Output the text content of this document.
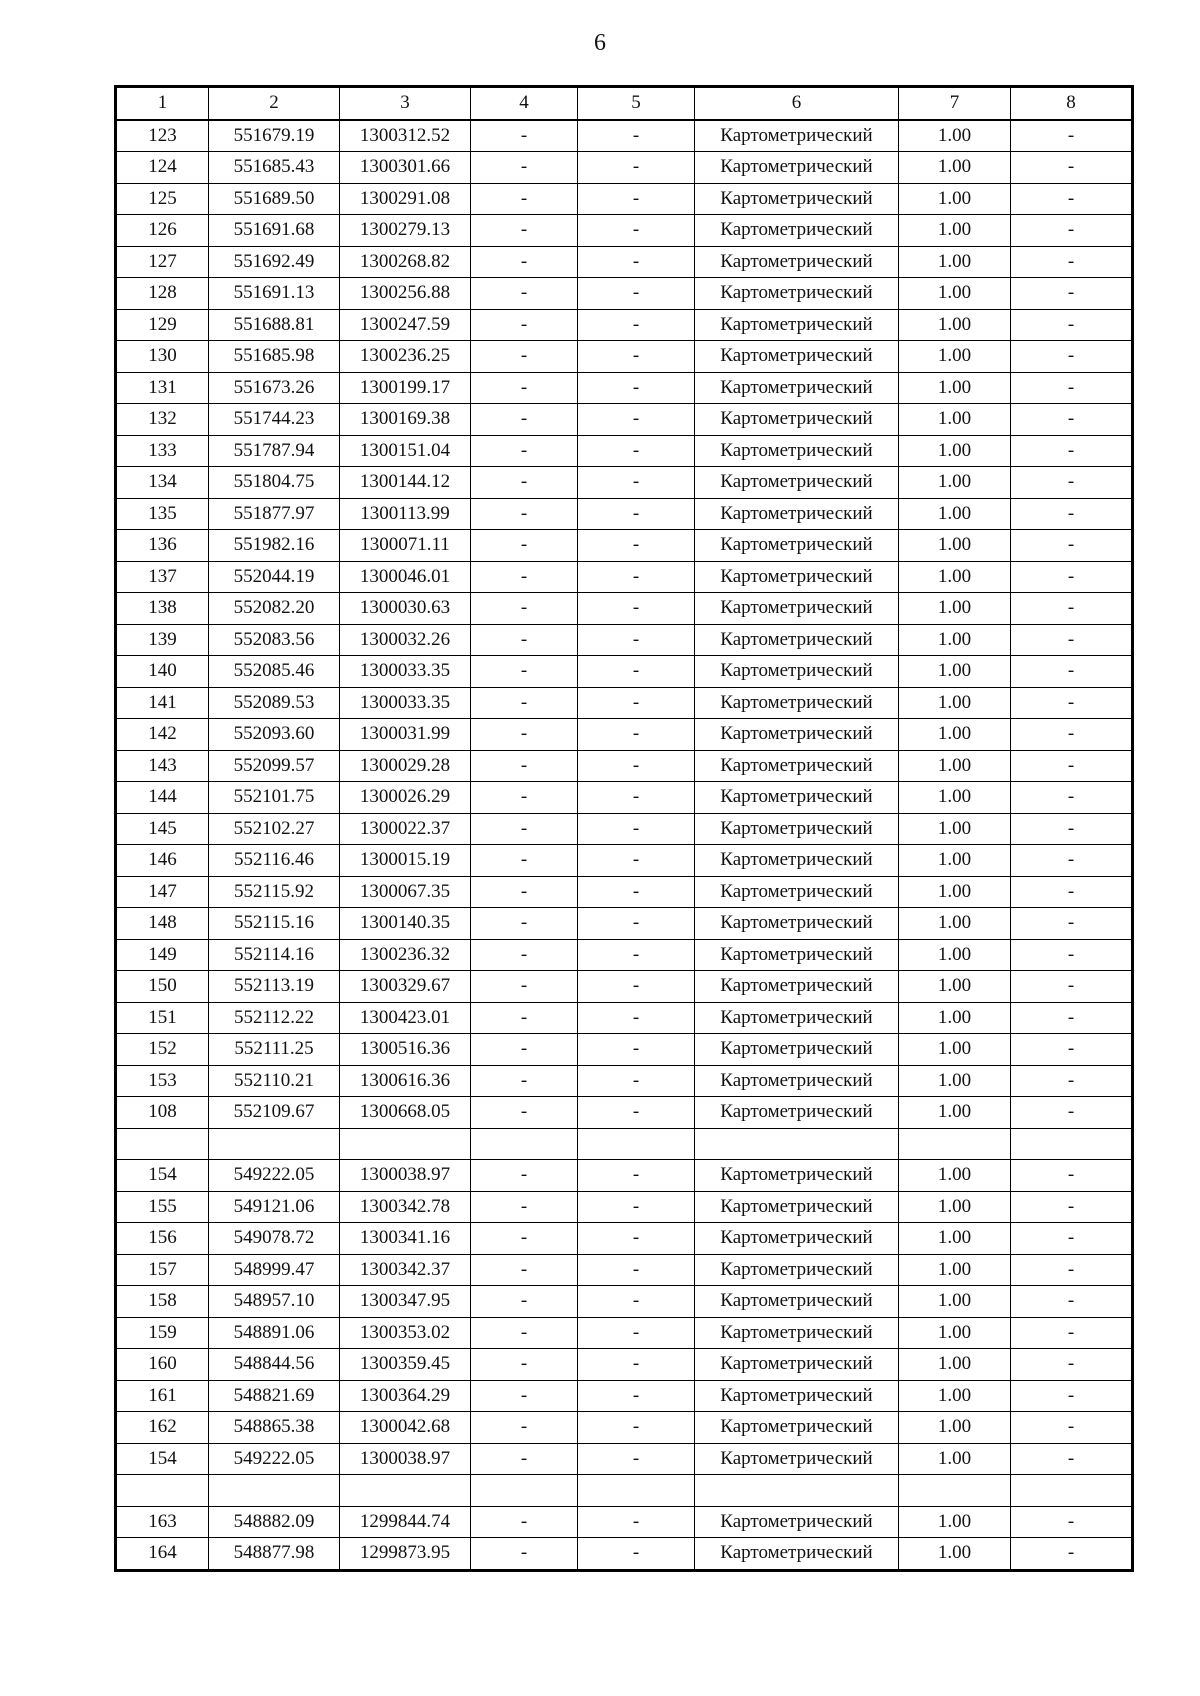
6
1	2	3	4	5	6	7	8
123	551679.19	1300312.52	-	-	Картометрический	1.00	-
124	551685.43	1300301.66	-	-	Картометрический	1.00	-
125	551689.50	1300291.08	-	-	Картометрический	1.00	-
126	551691.68	1300279.13	-	-	Картометрический	1.00	-
127	551692.49	1300268.82	-	-	Картометрический	1.00	-
128	551691.13	1300256.88	-	-	Картометрический	1.00	-
129	551688.81	1300247.59	-	-	Картометрический	1.00	-
130	551685.98	1300236.25	-	-	Картометрический	1.00	-
131	551673.26	1300199.17	-	-	Картометрический	1.00	-
132	551744.23	1300169.38	-	-	Картометрический	1.00	-
133	551787.94	1300151.04	-	-	Картометрический	1.00	-
134	551804.75	1300144.12	-	-	Картометрический	1.00	-
135	551877.97	1300113.99	-	-	Картометрический	1.00	-
136	551982.16	1300071.11	-	-	Картометрический	1.00	-
137	552044.19	1300046.01	-	-	Картометрический	1.00	-
138	552082.20	1300030.63	-	-	Картометрический	1.00	-
139	552083.56	1300032.26	-	-	Картометрический	1.00	-
140	552085.46	1300033.35	-	-	Картометрический	1.00	-
141	552089.53	1300033.35	-	-	Картометрический	1.00	-
142	552093.60	1300031.99	-	-	Картометрический	1.00	-
143	552099.57	1300029.28	-	-	Картометрический	1.00	-
144	552101.75	1300026.29	-	-	Картометрический	1.00	-
145	552102.27	1300022.37	-	-	Картометрический	1.00	-
146	552116.46	1300015.19	-	-	Картометрический	1.00	-
147	552115.92	1300067.35	-	-	Картометрический	1.00	-
148	552115.16	1300140.35	-	-	Картометрический	1.00	-
149	552114.16	1300236.32	-	-	Картометрический	1.00	-
150	552113.19	1300329.67	-	-	Картометрический	1.00	-
151	552112.22	1300423.01	-	-	Картометрический	1.00	-
152	552111.25	1300516.36	-	-	Картометрический	1.00	-
153	552110.21	1300616.36	-	-	Картометрический	1.00	-
108	552109.67	1300668.05	-	-	Картометрический	1.00	-

154	549222.05	1300038.97	-	-	Картометрический	1.00	-
155	549121.06	1300342.78	-	-	Картометрический	1.00	-
156	549078.72	1300341.16	-	-	Картометрический	1.00	-
157	548999.47	1300342.37	-	-	Картометрический	1.00	-
158	548957.10	1300347.95	-	-	Картометрический	1.00	-
159	548891.06	1300353.02	-	-	Картометрический	1.00	-
160	548844.56	1300359.45	-	-	Картометрический	1.00	-
161	548821.69	1300364.29	-	-	Картометрический	1.00	-
162	548865.38	1300042.68	-	-	Картометрический	1.00	-
154	549222.05	1300038.97	-	-	Картометрический	1.00	-

163	548882.09	1299844.74	-	-	Картометрический	1.00	-
164	548877.98	1299873.95	-	-	Картометрический	1.00	-
